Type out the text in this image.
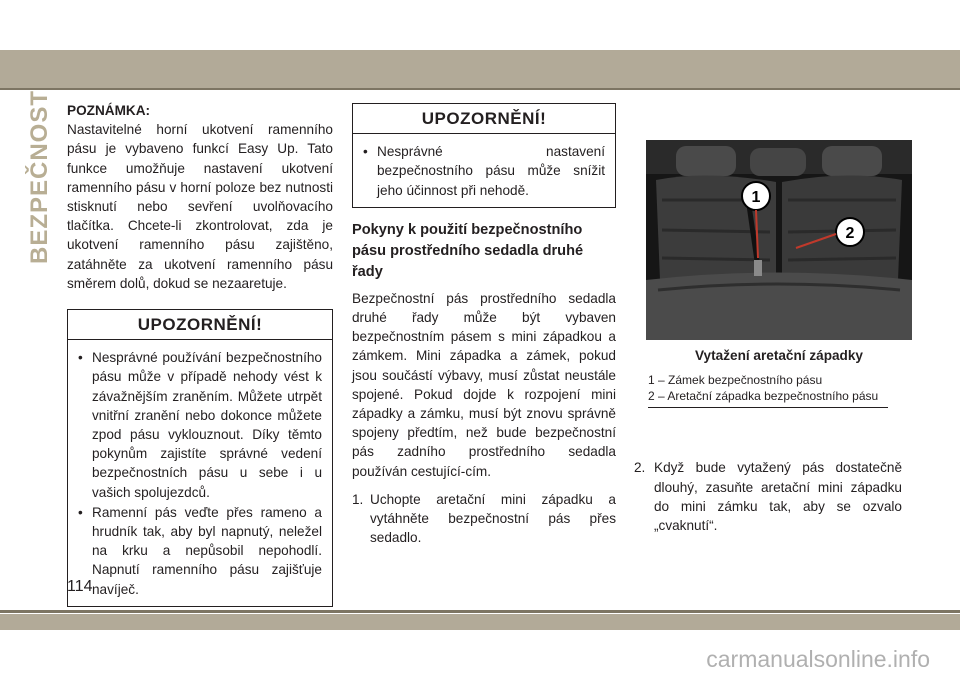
BEZPEČNOST POZNÁMKA:
Nastavitelné horní ukotvení ramenního pásu je vybaveno funkcí Easy Up. Tato funkce umožňuje nastavení ukotvení ramenního pásu v horní poloze bez nutnosti stisknutí nebo sevření uvolňovacího tlačítka. Chcete-li zkontrolovat, zda je ukotvení ramenního pásu zajištěno, zatáhněte za ukotvení ramenního pásu směrem dolů, dokud se nezaaretuje.
UPOZORNĚNÍ!
• Nesprávné používání bezpečnostního pásu může v případě nehody vést k závažnějším zraněním. Můžete utrpět vnitřní zranění nebo dokonce můžete zpod pásu vyklouznout. Díky těmto pokynům zajistíte správné vedení bezpečnostních pásu u sebe i u vašich spolujezdců.
• Ramenní pás veďte přes rameno a hrudník tak, aby byl napnutý, neležel na krku a nepůsobil nepohodlí. Napnutí ramenního pásu zajišťuje navíječ.
UPOZORNĚNÍ!
• Nesprávné nastavení bezpečnostního pásu může snížit jeho účinnost při nehodě.
Pokyny k použití bezpečnostního pásu prostředního sedadla druhé řady
Bezpečnostní pás prostředního sedadla druhé řady může být vybaven bezpečnostním pásem s mini západkou a zámkem. Mini západka a zámek, pokud jsou součástí výbavy, musí zůstat neustále spojené. Pokud dojde k rozpojení mini západky a zámku, musí být znovu správně spojeny předtím, než bude bezpečnostní pás zadního prostředního sedadla používán cestující-cím.
1. Uchopte aretační mini západku a vytáhněte bezpečnostní pás přes sedadlo.
1
2
Vytažení aretační západky
1 – Zámek bezpečnostního pásu
2 – Aretační západka bezpečnostního pásu
2. Když bude vytažený pás dostatečně dlouhý, zasuňte aretační mini západku do mini zámku tak, aby se ozvalo „cvaknutí“.
114
carmanualsonline.info
